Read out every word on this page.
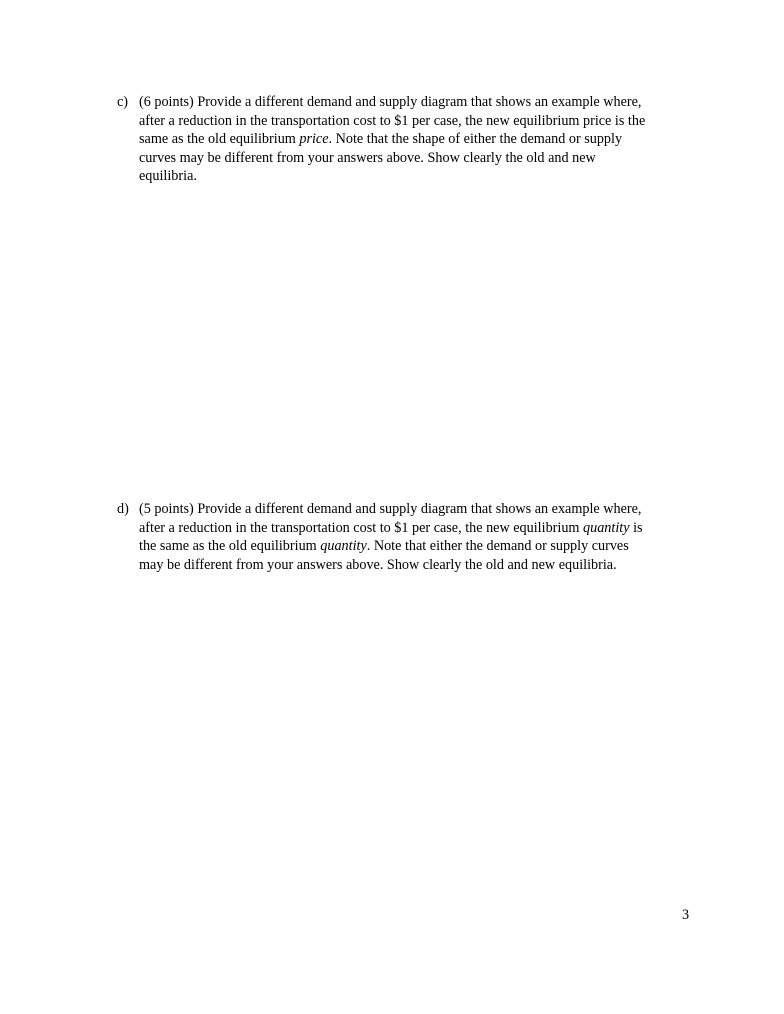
c) (6 points) Provide a different demand and supply diagram that shows an example where,
after a reduction in the transportation cost to $1 per case, the new equilibrium price is the
same as the old equilibrium price. Note that the shape of either the demand or supply
curves may be different from your answers above. Show clearly the old and new
equilibria.
d) (5 points) Provide a different demand and supply diagram that shows an example where,
after a reduction in the transportation cost to $1 per case, the new equilibrium quantity is
the same as the old equilibrium quantity. Note that either the demand or supply curves
may be different from your answers above. Show clearly the old and new equilibria.
3
